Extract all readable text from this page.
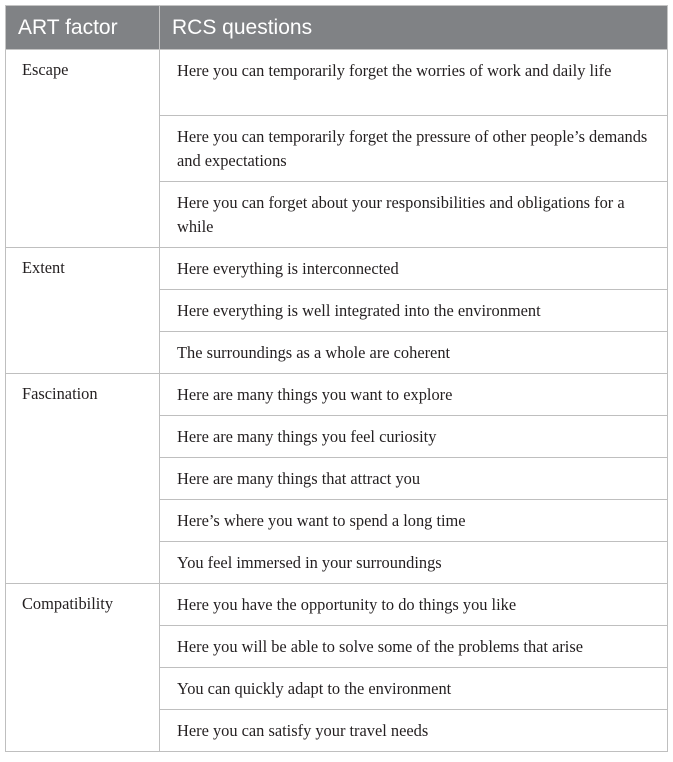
ART factor	RCS questions
Escape	Here you can temporarily forget the worries of work and daily life
	Here you can temporarily forget the pressure of other people’s demands and expectations
	Here you can forget about your responsibilities and obligations for a while
Extent	Here everything is interconnected
	Here everything is well integrated into the environment
	The surroundings as a whole are coherent
Fascination	Here are many things you want to explore
	Here are many things you feel curiosity
	Here are many things that attract you
	Here’s where you want to spend a long time
	You feel immersed in your surroundings
Compatibility	Here you have the opportunity to do things you like
	Here you will be able to solve some of the problems that arise
	You can quickly adapt to the environment
	Here you can satisfy your travel needs
